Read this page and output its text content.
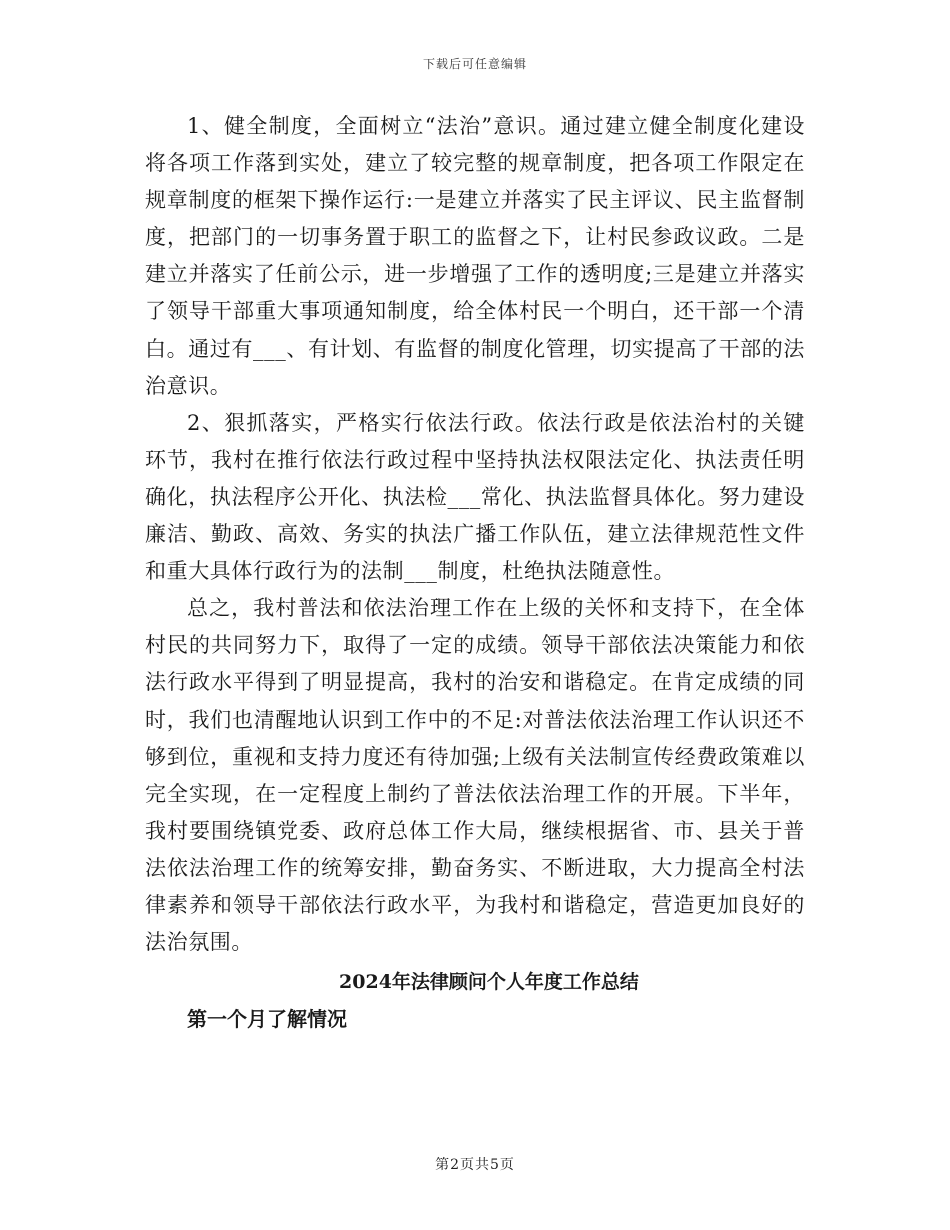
下载后可任意编辑

1、健全制度，全面树立“法治”意识。通过建立健全制度化建设将各项工作落到实处，建立了较完整的规章制度，把各项工作限定在规章制度的框架下操作运行:一是建立并落实了民主评议、民主监督制度，把部门的一切事务置于职工的监督之下，让村民参政议政。二是建立并落实了任前公示，进一步增强了工作的透明度;三是建立并落实了领导干部重大事项通知制度，给全体村民一个明白，还干部一个清白。通过有___、有计划、有监督的制度化管理，切实提高了干部的法治意识。

2、狠抓落实，严格实行依法行政。依法行政是依法治村的关键环节，我村在推行依法行政过程中坚持执法权限法定化、执法责任明确化，执法程序公开化、执法检___常化、执法监督具体化。努力建设廉洁、勤政、高效、务实的执法广播工作队伍，建立法律规范性文件和重大具体行政行为的法制___制度，杜绝执法随意性。

总之，我村普法和依法治理工作在上级的关怀和支持下，在全体村民的共同努力下，取得了一定的成绩。领导干部依法决策能力和依法行政水平得到了明显提高，我村的治安和谐稳定。在肯定成绩的同时，我们也清醒地认识到工作中的不足:对普法依法治理工作认识还不够到位，重视和支持力度还有待加强;上级有关法制宣传经费政策难以完全实现，在一定程度上制约了普法依法治理工作的开展。下半年，我村要围绕镇党委、政府总体工作大局，继续根据省、市、县关于普法依法治理工作的统筹安排，勤奋务实、不断进取，大力提高全村法律素养和领导干部依法行政水平，为我村和谐稳定，营造更加良好的法治氛围。

2024年法律顾问个人年度工作总结

第一个月了解情况

第2页共5页
